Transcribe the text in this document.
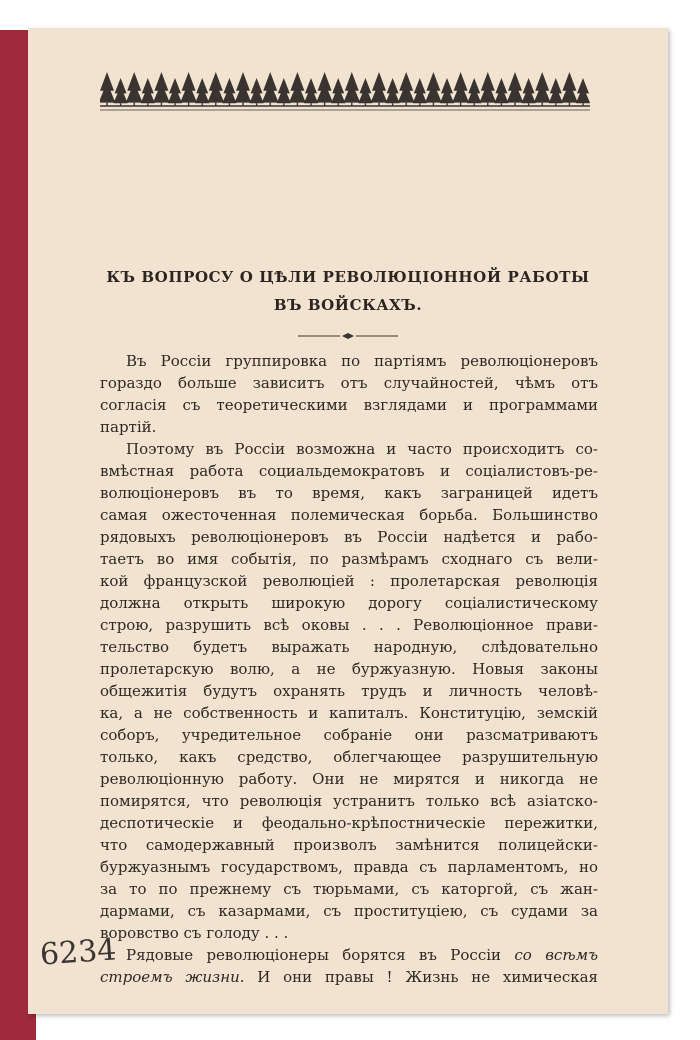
КЪ ВОПРОСУ О ЦѢЛИ РЕВОЛЮЦІОННОЙ РАБОТЫ
ВЪ ВОЙСКАХЪ.
Въ Россіи группировка по партіямъ революціонеровъ
гораздо больше зависитъ отъ случайностей, чѣмъ отъ
согласія съ теоретическими взглядами и программами
партій.
Поэтому въ Россіи возможна и часто происходитъ со-
вмѣстная работа социальдемократовъ и соціалистовъ-ре-
волюціонеровъ въ то время, какъ заграницей идетъ
самая ожесточенная полемическая борьба. Большинство
рядовыхъ революціонеровъ въ Россіи надѣется и рабо-
таетъ во имя событія, по размѣрамъ сходнаго съ вели-
кой французской революціей : пролетарская революція
должна открыть широкую дорогу соціалистическому
строю, разрушить всѣ оковы . . . Революціонное прави-
тельство будетъ выражать народную, слѣдовательно
пролетарскую волю, а не буржуазную. Новыя законы
общежитія будутъ охранять трудъ и личность человѣ-
ка, а не собственность и капиталъ. Конституцію, земскій
соборъ, учредительное собраніе они разсматриваютъ
только, какъ средство, облегчающее разрушительную
революціонную работу. Они не мирятся и никогда не
помирятся, что революція устранитъ только всѣ азіатско-
деспотическіе и феодально-крѣпостническіе пережитки,
что самодержавный произволъ замѣнится полицейски-
буржуазнымъ государствомъ, правда съ парламентомъ, но
за то по прежнему съ тюрьмами, съ каторгой, съ жан-
дармами, съ казармами, съ проституціею, съ судами за
воровство съ голоду . . .
Рядовые революціонеры борятся въ Россіи со всѣмъ
строемъ жизни. И они правы ! Жизнь не химическая
6234
